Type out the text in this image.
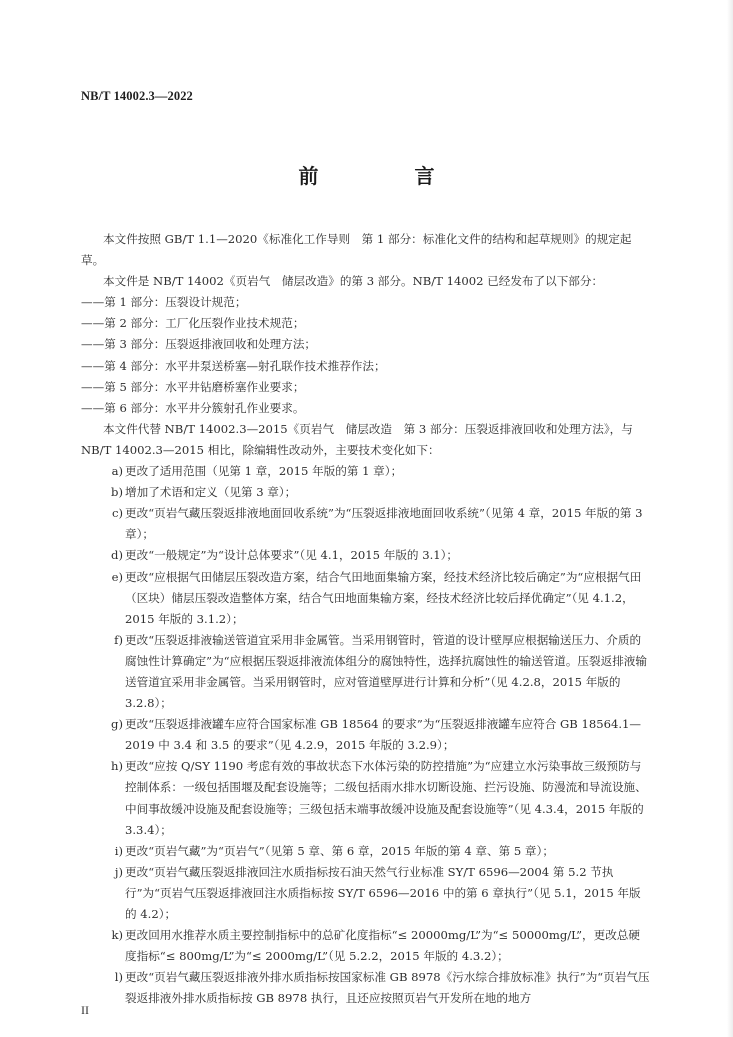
NB/T 14002.3—2022
前　言

本文件按照 GB/T 1.1—2020《标准化工作导则　第 1 部分：标准化文件的结构和起草规则》的规定起草。

本文件是 NB/T 14002《页岩气　储层改造》的第 3 部分。NB/T 14002 已经发布了以下部分：

——第 1 部分：压裂设计规范；

——第 2 部分：工厂化压裂作业技术规范；

——第 3 部分：压裂返排液回收和处理方法；

——第 4 部分：水平井泵送桥塞—射孔联作技术推荐作法；

——第 5 部分：水平井钻磨桥塞作业要求；

——第 6 部分：水平井分簇射孔作业要求。

本文件代替 NB/T 14002.3—2015《页岩气　储层改造　第 3 部分：压裂返排液回收和处理方法》，与 NB/T 14002.3—2015 相比，除编辑性改动外，主要技术变化如下：

a) 更改了适用范围（见第 1 章，2015 年版的第 1 章）；
b) 增加了术语和定义（见第 3 章）；
c) 更改“页岩气藏压裂返排液地面回收系统”为“压裂返排液地面回收系统”（见第 4 章，2015 年版的第 3 章）；
d) 更改“一般规定”为“设计总体要求”（见 4.1，2015 年版的 3.1）；
e) 更改“应根据气田储层压裂改造方案，结合气田地面集输方案，经技术经济比较后确定”为“应根据气田（区块）储层压裂改造整体方案，结合气田地面集输方案，经技术经济比较后择优确定”（见 4.1.2，2015 年版的 3.1.2）；
f) 更改“压裂返排液输送管道宜采用非金属管。当采用钢管时，管道的设计壁厚应根据输送压力、介质的腐蚀性计算确定”为“应根据压裂返排液流体组分的腐蚀特性，选择抗腐蚀性的输送管道。压裂返排液输送管道宜采用非金属管。当采用钢管时，应对管道壁厚进行计算和分析”（见 4.2.8，2015 年版的 3.2.8）；
g) 更改“压裂返排液罐车应符合国家标准 GB 18564 的要求”为“压裂返排液罐车应符合 GB 18564.1—2019 中 3.4 和 3.5 的要求”（见 4.2.9，2015 年版的 3.2.9）；
h) 更改“应按 Q/SY 1190 考虑有效的事故状态下水体污染的防控措施”为“应建立水污染事故三级预防与控制体系：一级包括围堰及配套设施等；二级包括雨水排水切断设施、拦污设施、防漫流和导流设施、中间事故缓冲设施及配套设施等；三级包括末端事故缓冲设施及配套设施等”（见 4.3.4，2015 年版的 3.3.4）；
i) 更改“页岩气藏”为“页岩气”（见第 5 章、第 6 章，2015 年版的第 4 章、第 5 章）；
j) 更改“页岩气藏压裂返排液回注水质指标按石油天然气行业标准 SY/T 6596—2004 第 5.2 节执行”为“页岩气压裂返排液回注水质指标按 SY/T 6596—2016 中的第 6 章执行”（见 5.1，2015 年版的 4.2）；
k) 更改回用水推荐水质主要控制指标中的总矿化度指标“≤ 20000mg/L”为“≤ 50000mg/L”，更改总硬度指标“≤ 800mg/L”为“≤ 2000mg/L”（见 5.2.2，2015 年版的 4.3.2）；
l) 更改“页岩气藏压裂返排液外排水质指标按国家标准 GB 8978《污水综合排放标准》执行”为“页岩气压裂返排液外排水质指标按 GB 8978 执行，且还应按照页岩气开发所在地的地方
II
